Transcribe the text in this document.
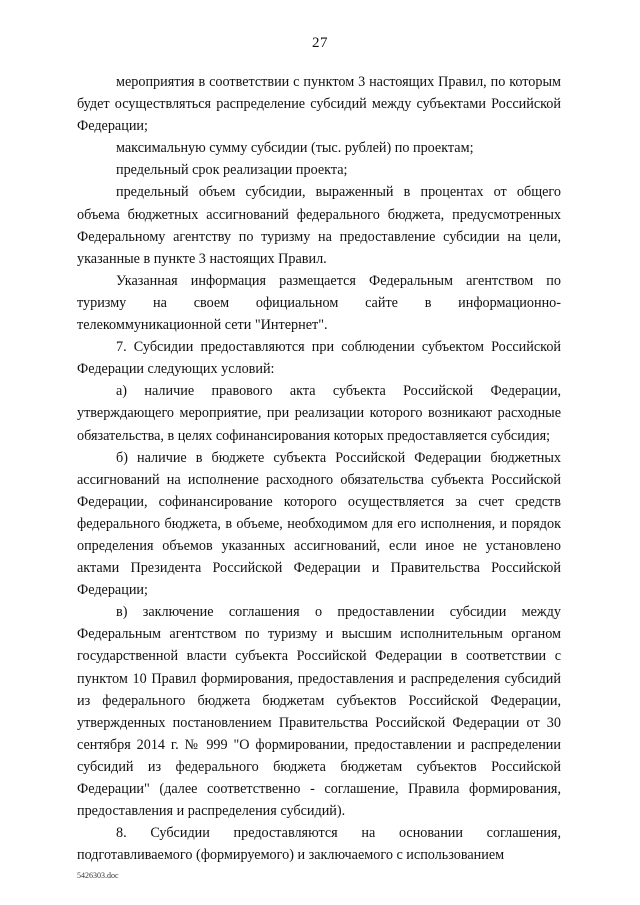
27

мероприятия в соответствии с пунктом 3 настоящих Правил, по которым будет осуществляться распределение субсидий между субъектами Российской Федерации;

максимальную сумму субсидии (тыс. рублей) по проектам;

предельный срок реализации проекта;

предельный объем субсидии, выраженный в процентах от общего объема бюджетных ассигнований федерального бюджета, предусмотренных Федеральному агентству по туризму на предоставление субсидии на цели, указанные в пункте 3 настоящих Правил.

Указанная информация размещается Федеральным агентством по туризму на своем официальном сайте в информационно-телекоммуникационной сети "Интернет".

7. Субсидии предоставляются при соблюдении субъектом Российской Федерации следующих условий:

а) наличие правового акта субъекта Российской Федерации, утверждающего мероприятие, при реализации которого возникают расходные обязательства, в целях софинансирования которых предоставляется субсидия;

б) наличие в бюджете субъекта Российской Федерации бюджетных ассигнований на исполнение расходного обязательства субъекта Российской Федерации, софинансирование которого осуществляется за счет средств федерального бюджета, в объеме, необходимом для его исполнения, и порядок определения объемов указанных ассигнований, если иное не установлено актами Президента Российской Федерации и Правительства Российской Федерации;

в) заключение соглашения о предоставлении субсидии между Федеральным агентством по туризму и высшим исполнительным органом государственной власти субъекта Российской Федерации в соответствии с пунктом 10 Правил формирования, предоставления и распределения субсидий из федерального бюджета бюджетам субъектов Российской Федерации, утвержденных постановлением Правительства Российской Федерации от 30 сентября 2014 г. № 999 "О формировании, предоставлении и распределении субсидий из федерального бюджета бюджетам субъектов Российской Федерации" (далее соответственно - соглашение, Правила формирования, предоставления и распределения субсидий).

8. Субсидии предоставляются на основании соглашения, подготавливаемого (формируемого) и заключаемого с использованием

5426303.doc
